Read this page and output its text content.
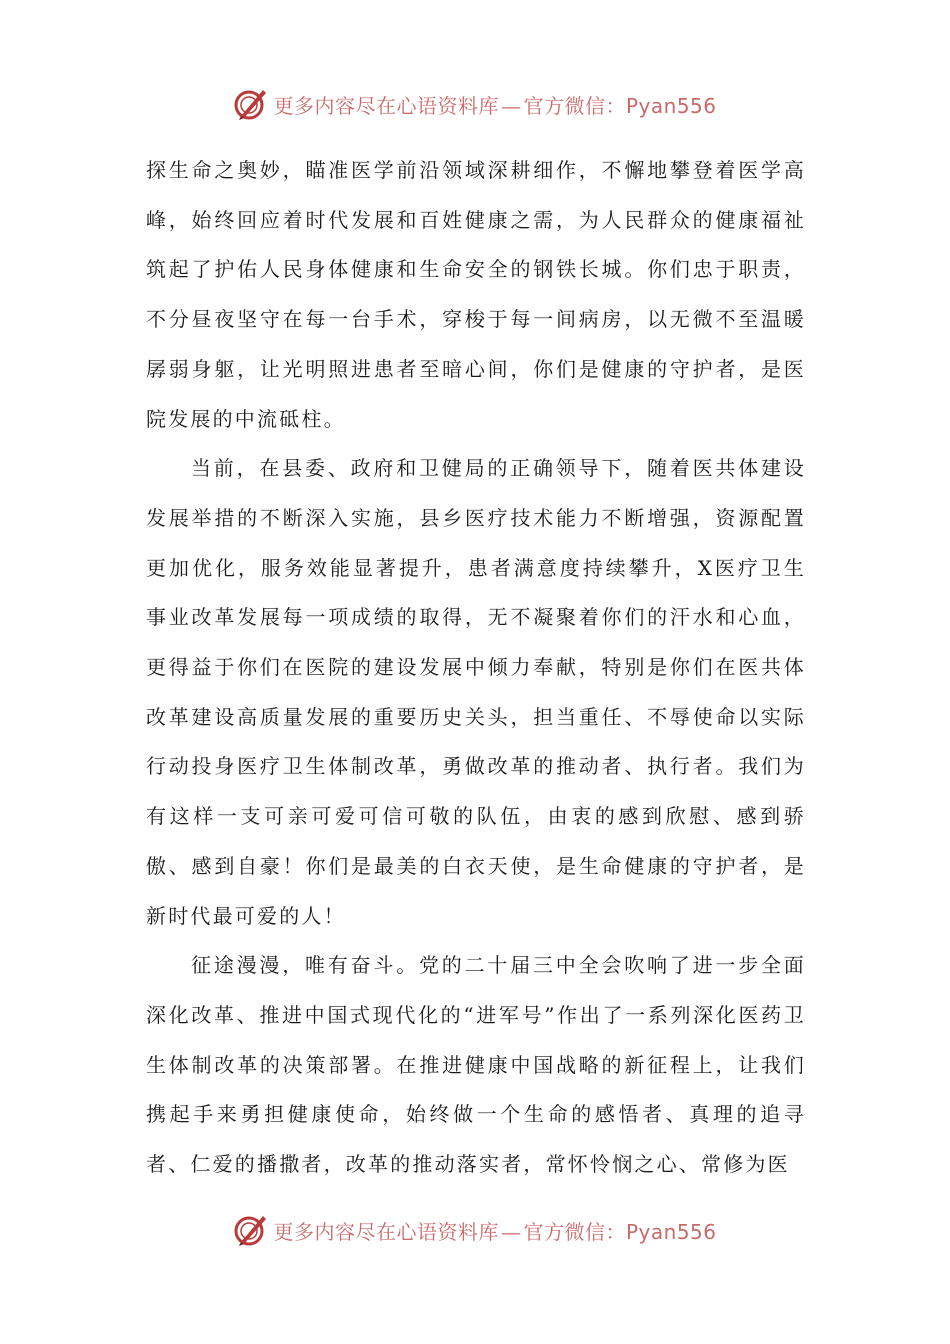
更多内容尽在心语资料库 — 官方微信：Pyan556

探生命之奥妙，瞄准医学前沿领域深耕细作，不懈地攀登着医学高峰，始终回应着时代发展和百姓健康之需，为人民群众的健康福祉筑起了护佑人民身体健康和生命安全的钢铁长城。你们忠于职责，不分昼夜坚守在每一台手术，穿梭于每一间病房，以无微不至温暖孱弱身躯，让光明照进患者至暗心间，你们是健康的守护者，是医院发展的中流砥柱。

当前，在县委、政府和卫健局的正确领导下，随着医共体建设发展举措的不断深入实施，县乡医疗技术能力不断增强，资源配置更加优化，服务效能显著提升，患者满意度持续攀升，X医疗卫生事业改革发展每一项成绩的取得，无不凝聚着你们的汗水和心血，更得益于你们在医院的建设发展中倾力奉献，特别是你们在医共体改革建设高质量发展的重要历史关头，担当重任、不辱使命以实际行动投身医疗卫生体制改革，勇做改革的推动者、执行者。我们为有这样一支可亲可爱可信可敬的队伍，由衷的感到欣慰、感到骄傲、感到自豪！你们是最美的白衣天使，是生命健康的守护者，是新时代最可爱的人！

征途漫漫，唯有奋斗。党的二十届三中全会吹响了进一步全面深化改革、推进中国式现代化的“进军号”作出了一系列深化医药卫生体制改革的决策部署。在推进健康中国战略的新征程上，让我们携起手来勇担健康使命，始终做一个生命的感悟者、真理的追寻者、仁爱的播撒者，改革的推动落实者，常怀怜悯之心、常修为医

更多内容尽在心语资料库 — 官方微信：Pyan556
